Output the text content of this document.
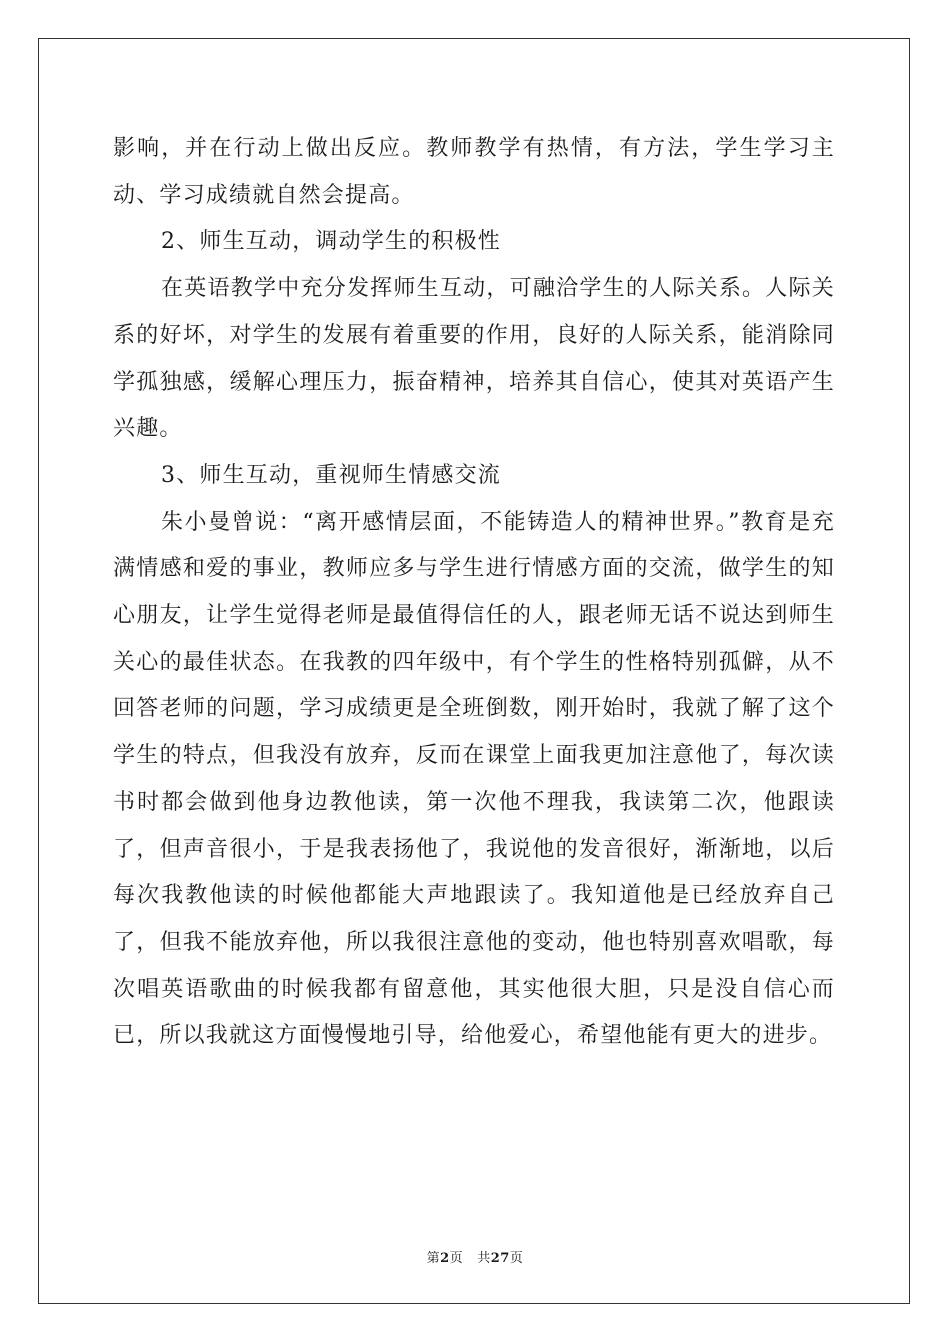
影响，并在行动上做出反应。教师教学有热情，有方法，学生学习主动、学习成绩就自然会提高。

2、师生互动，调动学生的积极性

在英语教学中充分发挥师生互动，可融洽学生的人际关系。人际关系的好坏，对学生的发展有着重要的作用，良好的人际关系，能消除同学孤独感，缓解心理压力，振奋精神，培养其自信心，使其对英语产生兴趣。

3、师生互动，重视师生情感交流

朱小曼曾说：“离开感情层面，不能铸造人的精神世界。”教育是充满情感和爱的事业，教师应多与学生进行情感方面的交流，做学生的知心朋友，让学生觉得老师是最值得信任的人，跟老师无话不说达到师生关心的最佳状态。在我教的四年级中，有个学生的性格特别孤僻，从不回答老师的问题，学习成绩更是全班倒数，刚开始时，我就了解了这个学生的特点，但我没有放弃，反而在课堂上面我更加注意他了，每次读书时都会做到他身边教他读，第一次他不理我，我读第二次，他跟读了，但声音很小，于是我表扬他了，我说他的发音很好，渐渐地，以后每次我教他读的时候他都能大声地跟读了。我知道他是已经放弃自己了，但我不能放弃他，所以我很注意他的变动，他也特别喜欢唱歌，每次唱英语歌曲的时候我都有留意他，其实他很大胆，只是没自信心而已，所以我就这方面慢慢地引导，给他爱心，希望他能有更大的进步。

第2页 共27页
